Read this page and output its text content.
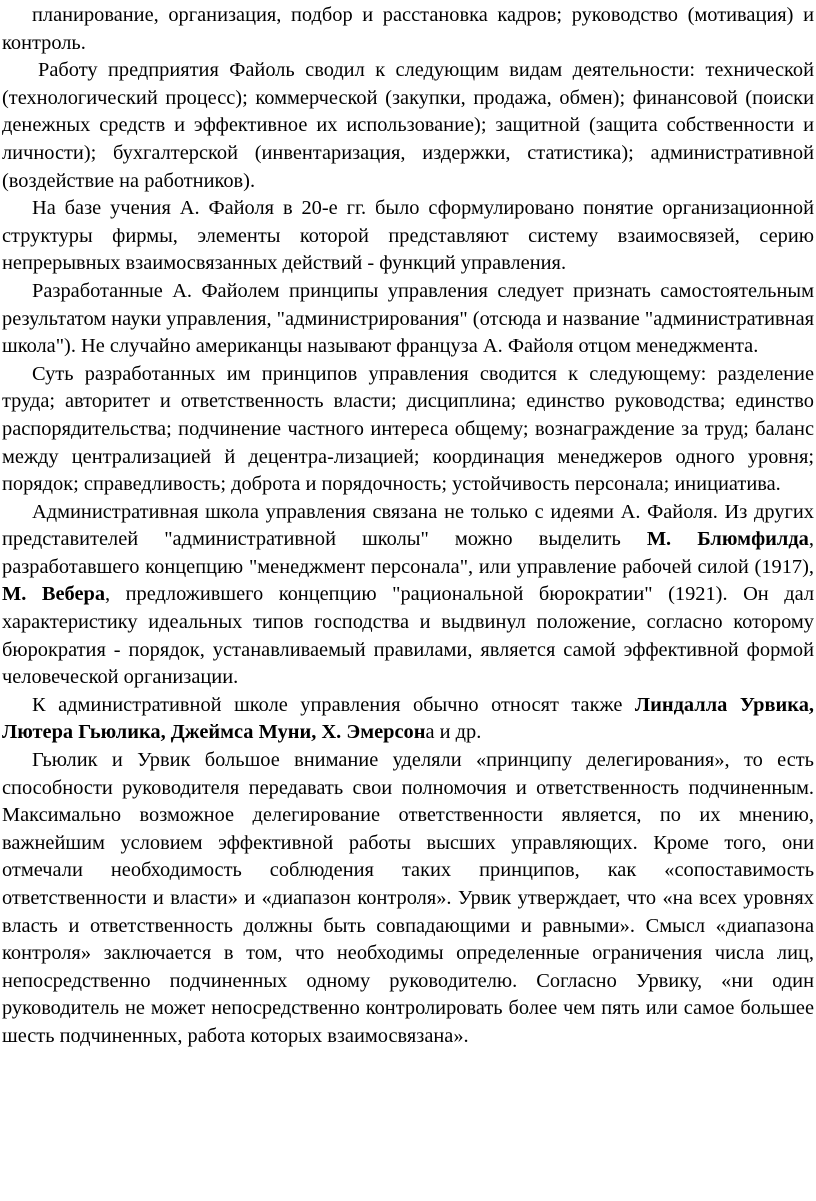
планирование, организация, подбор и расстановка кадров; руководство (мотивация) и контроль.

Работу предприятия Файоль сводил к следующим видам деятельности: технической (технологический процесс); коммерческой (закупки, продажа, обмен); финансовой (поиски денежных средств и эффективное их использование); защитной (защита собственности и личности); бухгалтерской (инвентаризация, издержки, статистика); административной (воздействие на работников).

На базе учения А. Файоля в 20-е гг. было сформулировано понятие организационной структуры фирмы, элементы которой представляют систему взаимосвязей, серию непрерывных взаимосвязанных действий - функций управления.

Разработанные А. Файолем принципы управления следует признать самостоятельным результатом науки управления, "администрирования" (отсюда и название "административная школа"). Не случайно американцы называют француза А. Файоля отцом менеджмента.

Суть разработанных им принципов управления сводится к следующему: разделение труда; авторитет и ответственность власти; дисциплина; единство руководства; единство распорядительства; подчинение частного интереса общему; вознаграждение за труд; баланс между централизацией й децентра-лизацией; координация менеджеров одного уровня; порядок; справедливость; доброта и порядочность; устойчивость персонала; инициатива.

Административная школа управления связана не только с идеями А. Файоля. Из других представителей "административной школы" можно выделить М. Блюмфилда, разработавшего концепцию "менеджмент персонала", или управление рабочей силой (1917), М. Вебера, предложившего концепцию "рациональной бюрократии" (1921). Он дал характеристику идеальных типов господства и выдвинул положение, согласно которому бюрократия - порядок, устанавливаемый правилами, является самой эффективной формой человеческой организации.

К административной школе управления обычно относят также Линдалла Урвика, Лютера Гьюлика, Джеймса Муни, Х. Эмерсона и др.

Гьюлик и Урвик большое внимание уделяли «принципу делегирования», то есть способности руководителя передавать свои полномочия и ответственность подчиненным. Максимально возможное делегирование ответственности является, по их мнению, важнейшим условием эффективной работы высших управляющих. Кроме того, они отмечали необходимость соблюдения таких принципов, как «сопоставимость ответственности и власти» и «диапазон контроля». Урвик утверждает, что «на всех уровнях власть и ответственность должны быть совпадающими и равными». Смысл «диапазона контроля» заключается в том, что необходимы определенные ограничения числа лиц, непосредственно подчиненных одному руководителю. Согласно Урвику, «ни один руководитель не может непосредственно контролировать более чем пять или самое большее шесть подчиненных, работа которых взаимосвязана».
